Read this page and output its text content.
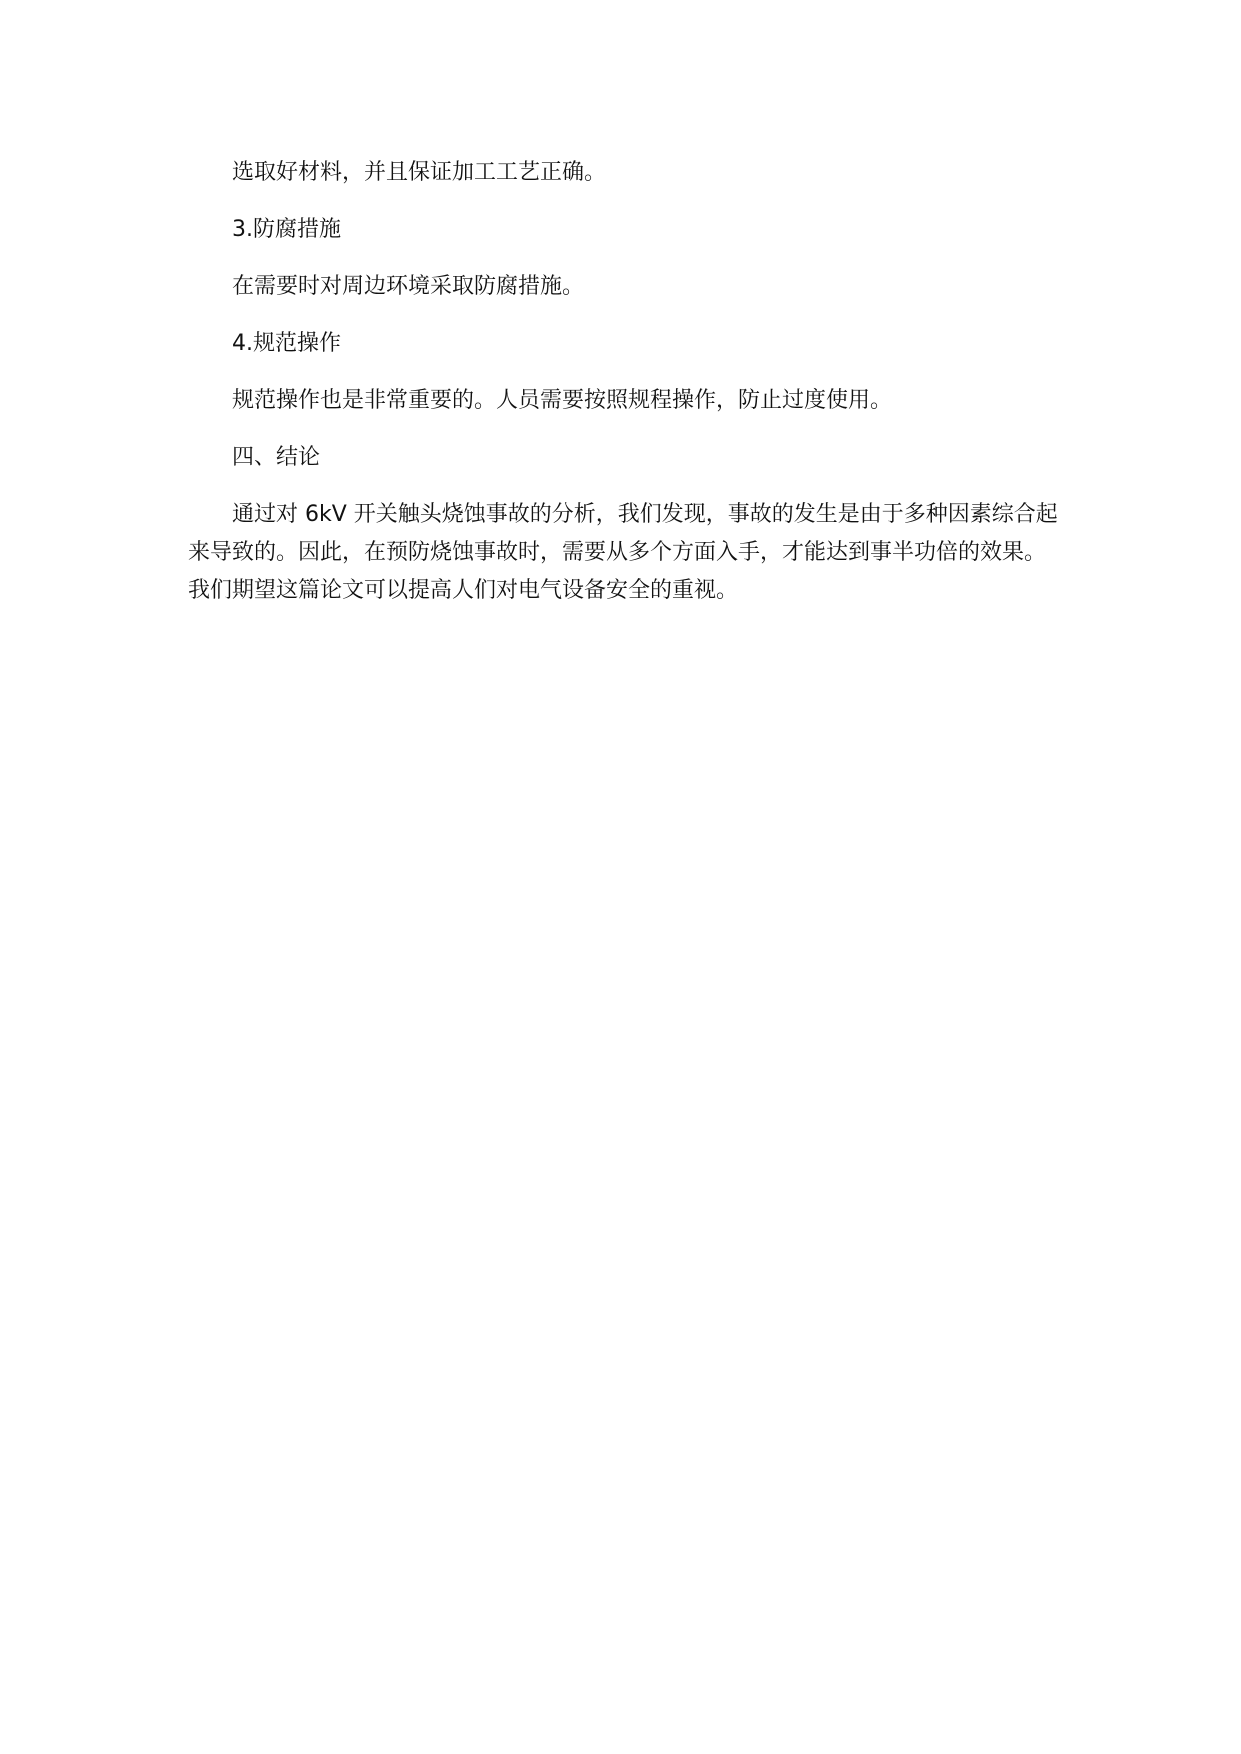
选取好材料，并且保证加工工艺正确。

3.防腐措施

在需要时对周边环境采取防腐措施。

4.规范操作

规范操作也是非常重要的。人员需要按照规程操作，防止过度使用。

四、结论

通过对 6kV 开关触头烧蚀事故的分析，我们发现，事故的发生是由于多种因素综合起来导致的。因此，在预防烧蚀事故时，需要从多个方面入手，才能达到事半功倍的效果。我们期望这篇论文可以提高人们对电气设备安全的重视。
